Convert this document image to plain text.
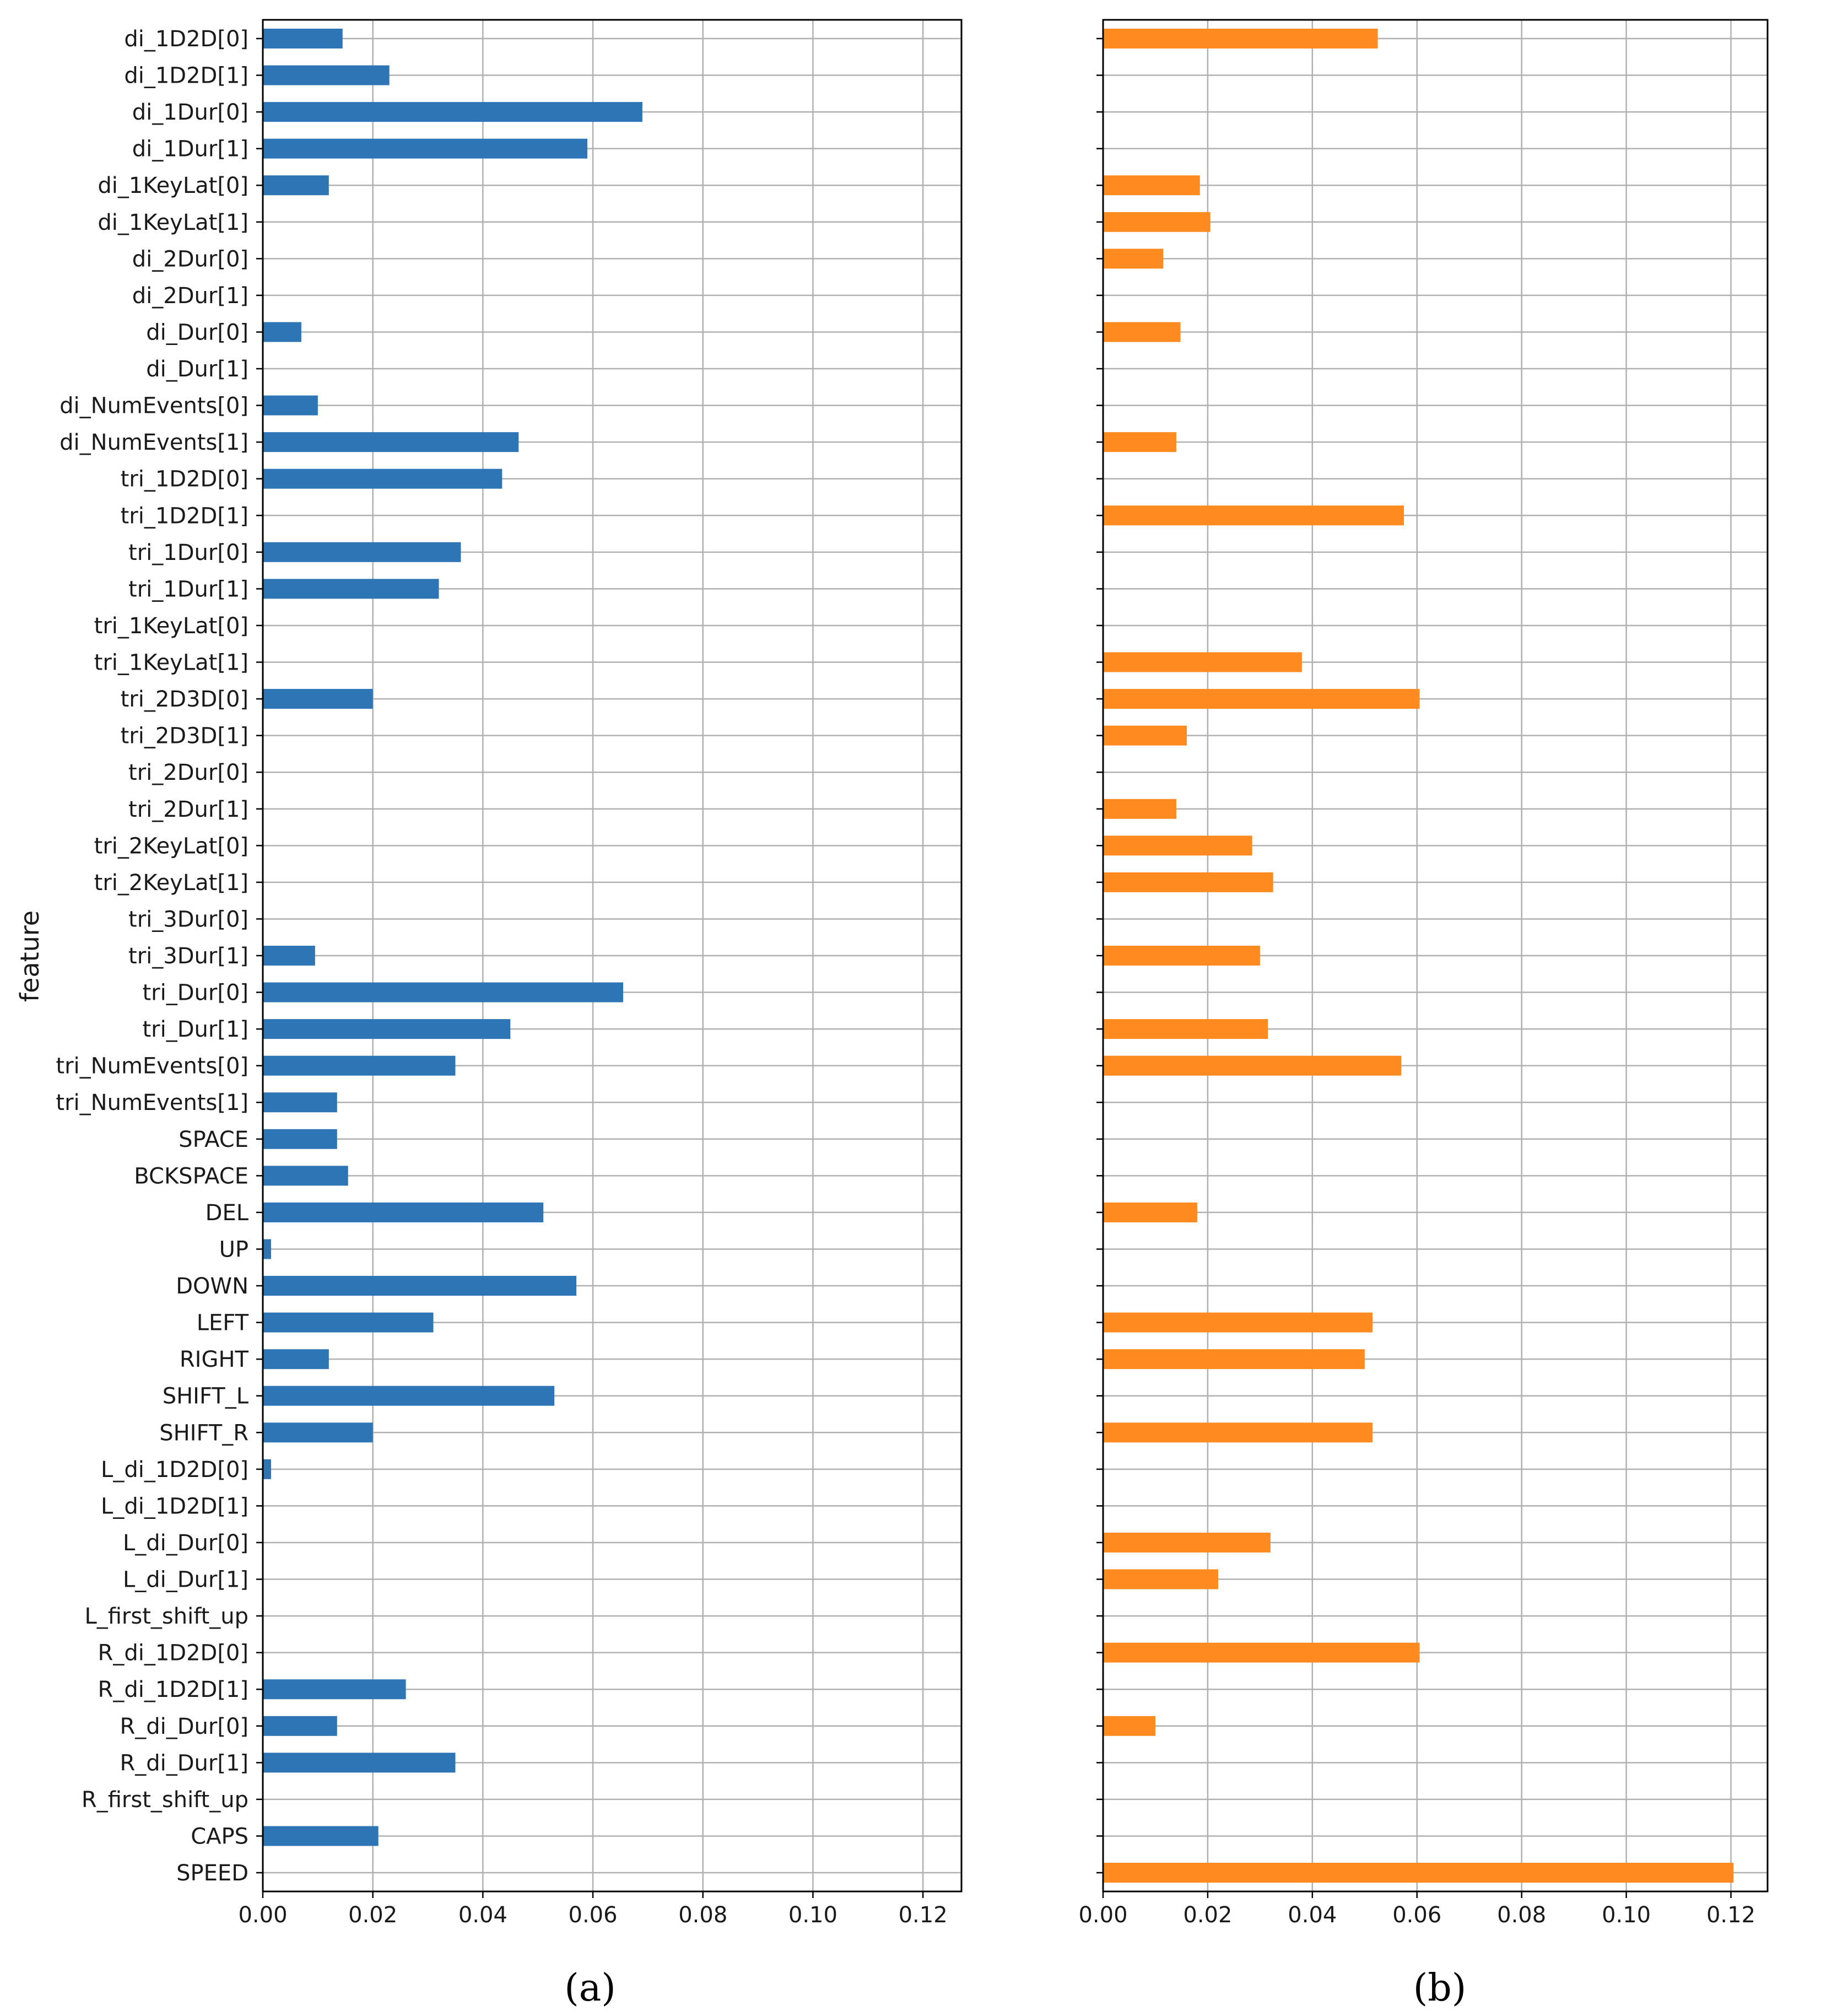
di_1D2D[0]
di_1D2D[1]
di_1Dur[0]
di_1Dur[1]
di_1KeyLat[0]
di_1KeyLat[1]
di_2Dur[0]
di_2Dur[1]
di_Dur[0]
di_Dur[1]
di_NumEvents[0]
di_NumEvents[1]
tri_1D2D[0]
tri_1D2D[1]
tri_1Dur[0]
tri_1Dur[1]
tri_1KeyLat[0]
tri_1KeyLat[1]
tri_2D3D[0]
tri_2D3D[1]
tri_2Dur[0]
tri_2Dur[1]
tri_2KeyLat[0]
tri_2KeyLat[1]
tri_3Dur[0]
tri_3Dur[1]
tri_Dur[0]
tri_Dur[1]
tri_NumEvents[0]
tri_NumEvents[1]
SPACE
BCKSPACE
DEL
UP
DOWN
LEFT
RIGHT
SHIFT_L
SHIFT_R
L_di_1D2D[0]
L_di_1D2D[1]
L_di_Dur[0]
L_di_Dur[1]
L_first_shift_up
R_di_1D2D[0]
R_di_1D2D[1]
R_di_Dur[0]
R_di_Dur[1]
R_first_shift_up
CAPS
SPEED
0.00	0.02	0.04	0.06	0.08	0.10	0.12
(a)
0.00	0.02	0.04	0.06	0.08	0.10	0.12
(b)
feature
